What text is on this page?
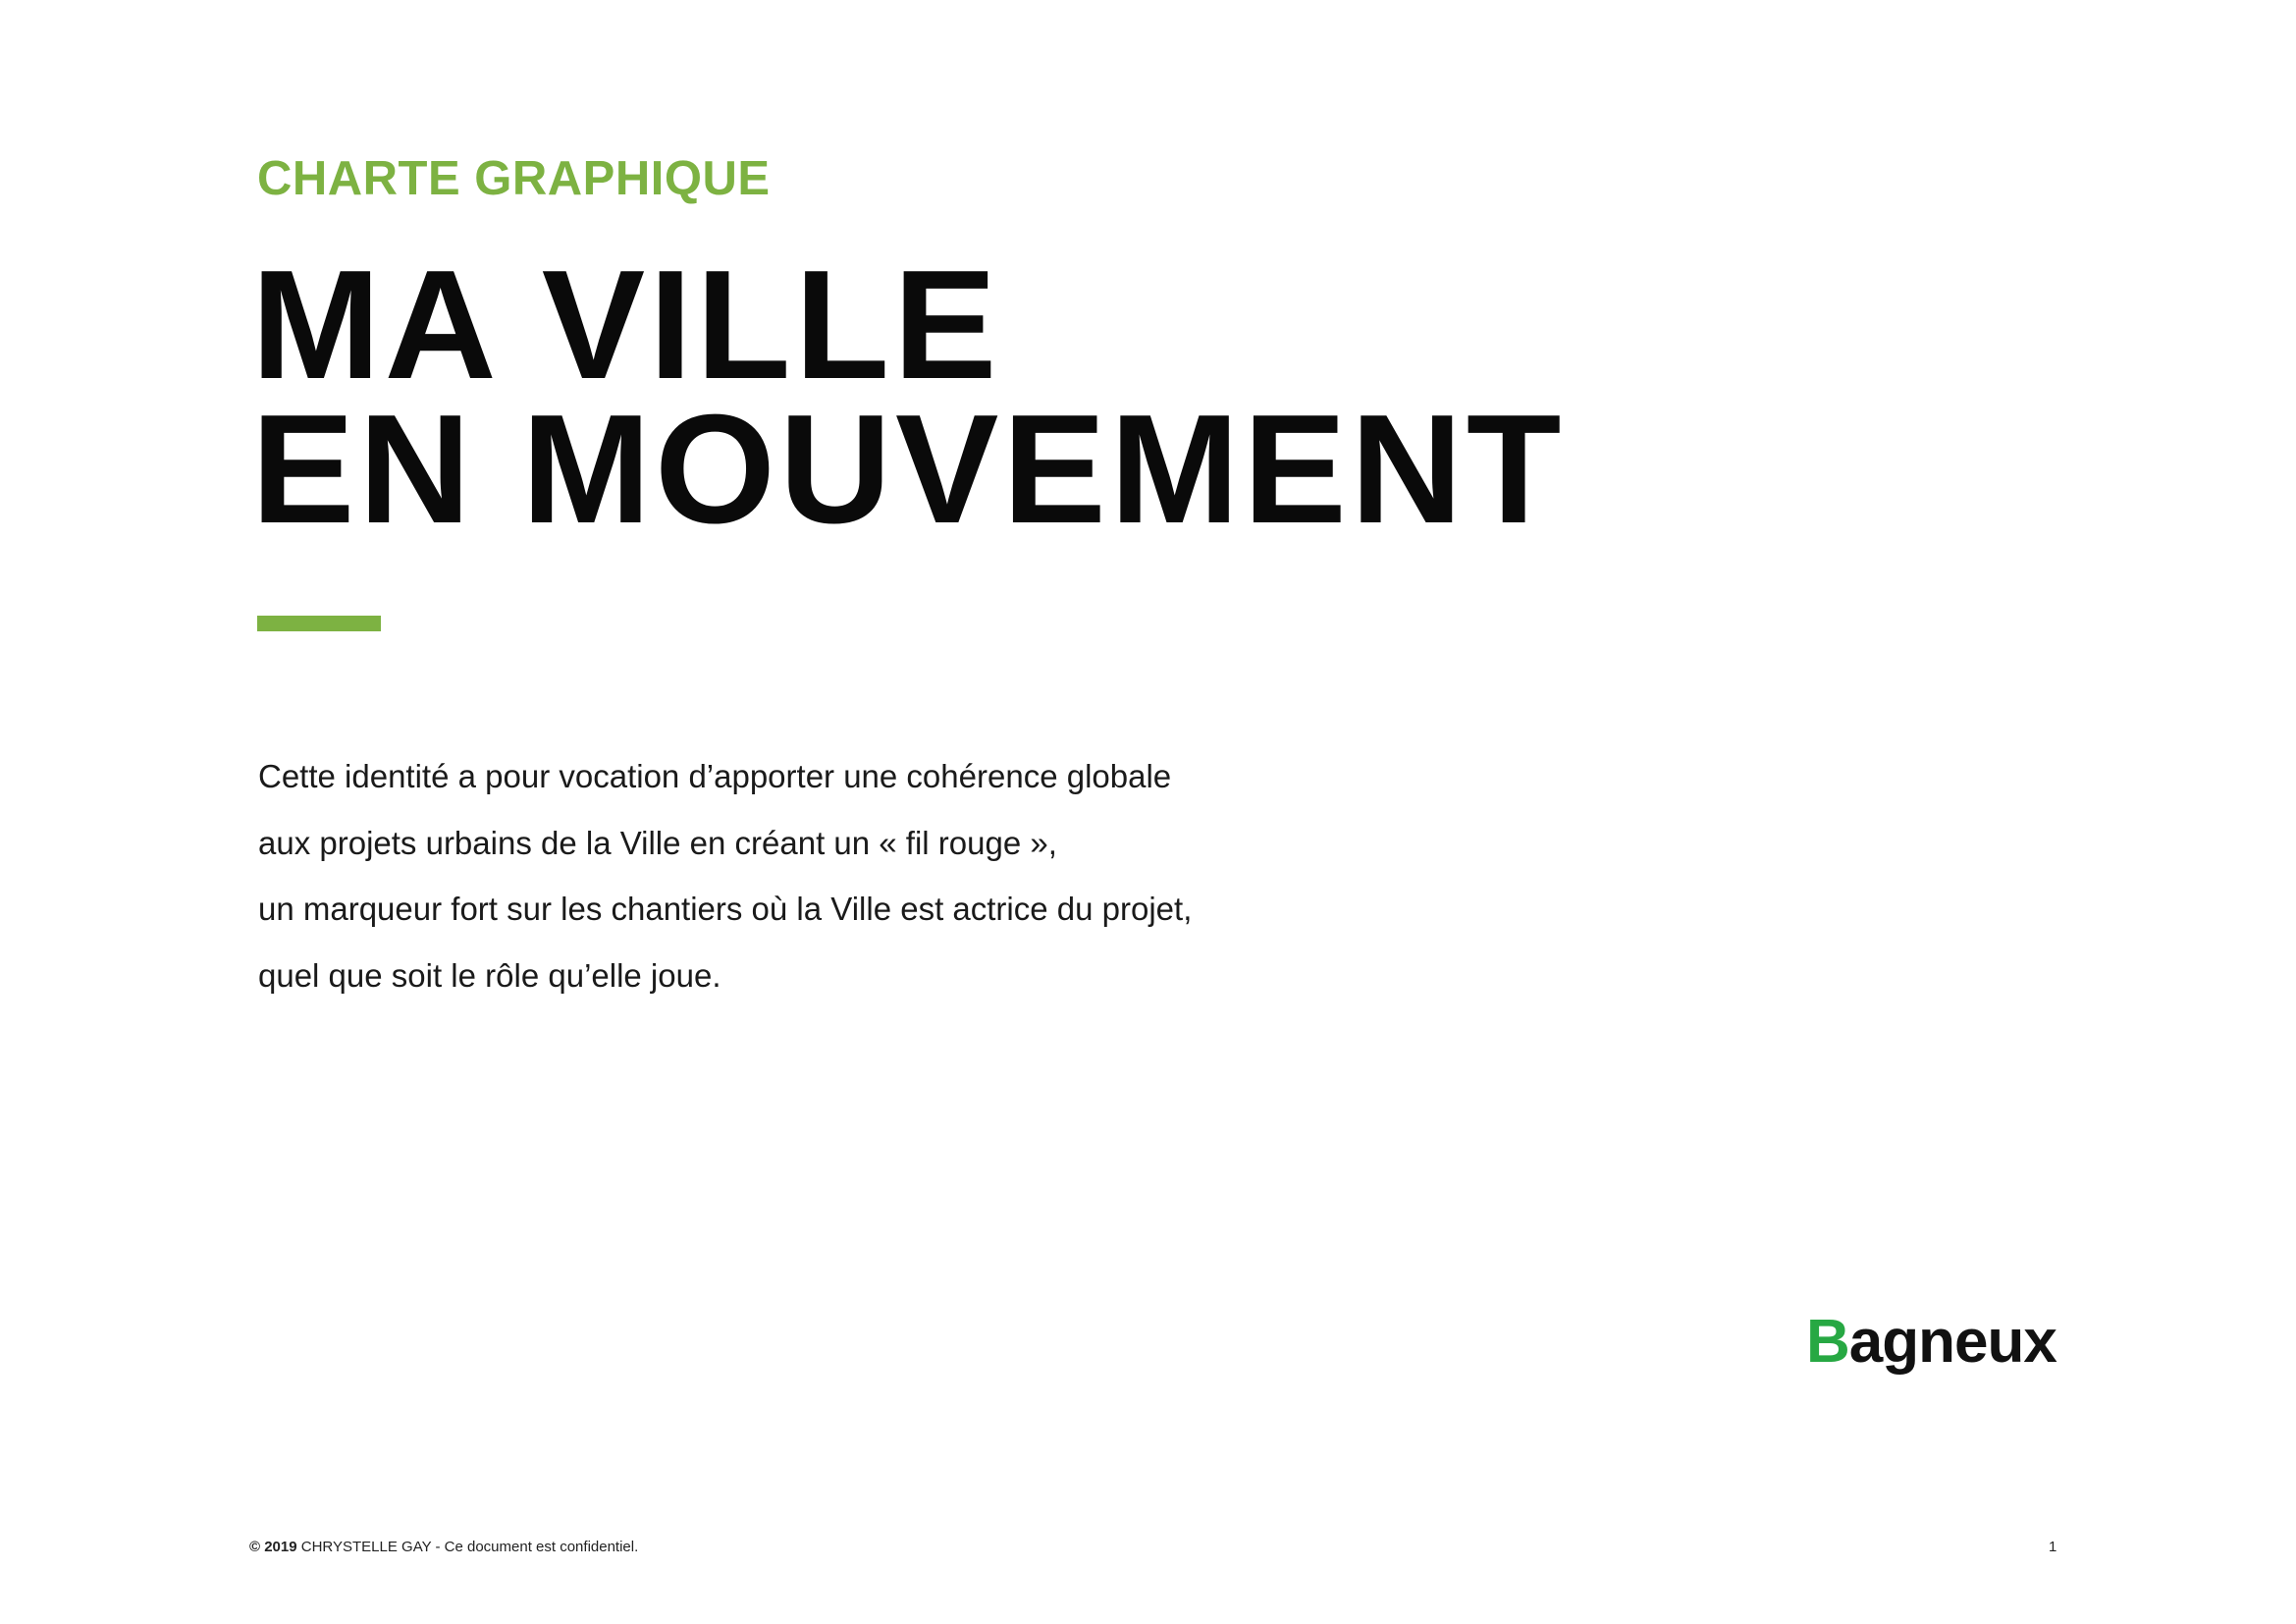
CHARTE GRAPHIQUE
MA VILLE
EN MOUVEMENT
Cette identité a pour vocation d’apporter une cohérence globale
aux projets urbains de la Ville en créant un « fil rouge »,
un marqueur fort sur les chantiers où la Ville est actrice du projet,
quel que soit le rôle qu’elle joue.
B agneux
© 2019 CHRYSTELLE GAY - Ce document est confidentiel.	1
